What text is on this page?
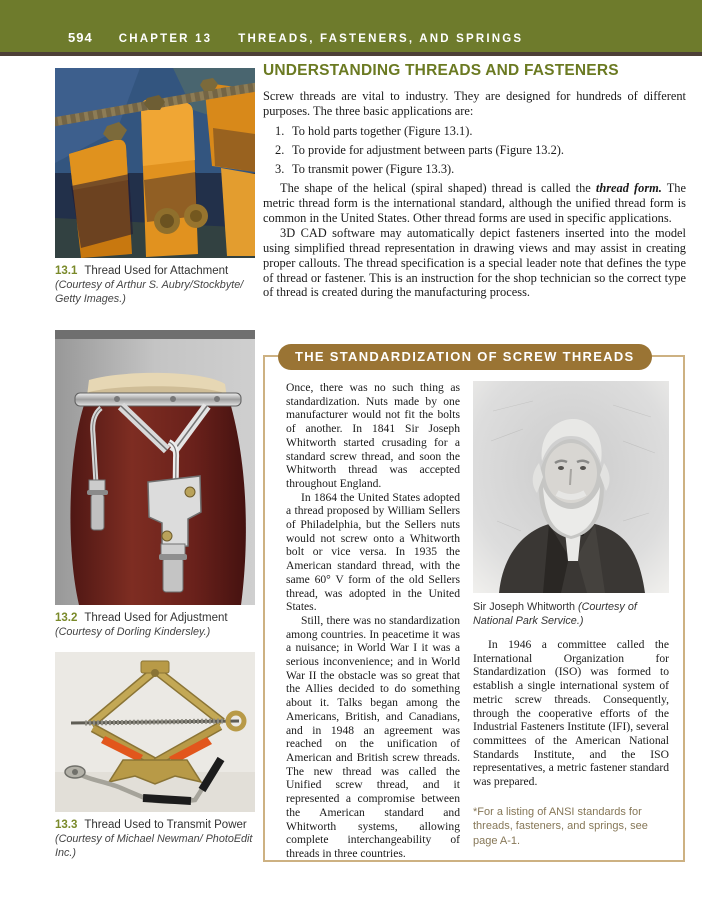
594 CHAPTER 13 THREADS, FASTENERS, AND SPRINGS
13.1 Thread Used for Attachment
(Courtesy of Arthur S. Aubry/Stockbyte/ Getty Images.)
13.2 Thread Used for Adjustment
(Courtesy of Dorling Kindersley.)
13.3 Thread Used to Transmit Power (Courtesy of Michael Newman/ PhotoEdit Inc.)
UNDERSTANDING THREADS AND FASTENERS

Screw threads are vital to industry. They are designed for hundreds of different purposes. The three basic applications are:

1. To hold parts together (Figure 13.1).
2. To provide for adjustment between parts (Figure 13.2).
3. To transmit power (Figure 13.3).

The shape of the helical (spiral shaped) thread is called the thread form. The metric thread form is the international standard, although the unified thread form is common in the United States. Other thread forms are used in specific applications.

3D CAD software may automatically depict fasteners inserted into the model using simplified thread representation in drawing views and may assist in creating proper callouts. The thread specification is a special leader note that defines the type of thread or fastener. This is an instruction for the shop technician so the correct type of thread is created during the manufacturing process.

THE STANDARDIZATION OF SCREW THREADS

Once, there was no such thing as standardization. Nuts made by one manufacturer would not fit the bolts of another. In 1841 Sir Joseph Whitworth started crusading for a standard screw thread, and soon the Whitworth thread was accepted throughout England.

In 1864 the United States adopted a thread proposed by William Sellers of Philadelphia, but the Sellers nuts would not screw onto a Whitworth bolt or vice versa. In 1935 the American standard thread, with the same 60° V form of the old Sellers thread, was adopted in the United States.

Still, there was no standardization among countries. In peacetime it was a nuisance; in World War I it was a serious inconvenience; and in World War II the obstacle was so great that the Allies decided to do something about it. Talks began among the Americans, British, and Canadians, and in 1948 an agreement was reached on the unification of American and British screw threads. The new thread was called the Unified screw thread, and it represented a compromise between the American standard and Whitworth systems, allowing complete interchangeability of threads in three countries.

Sir Joseph Whitworth (Courtesy of National Park Service.)

In 1946 a committee called the International Organization for Standardization (ISO) was formed to establish a single international system of metric screw threads. Consequently, through the cooperative efforts of the Industrial Fasteners Institute (IFI), several committees of the American National Standards Institute, and the ISO representatives, a metric fastener standard was prepared.

*For a listing of ANSI standards for threads, fasteners, and springs, see page A-1.
